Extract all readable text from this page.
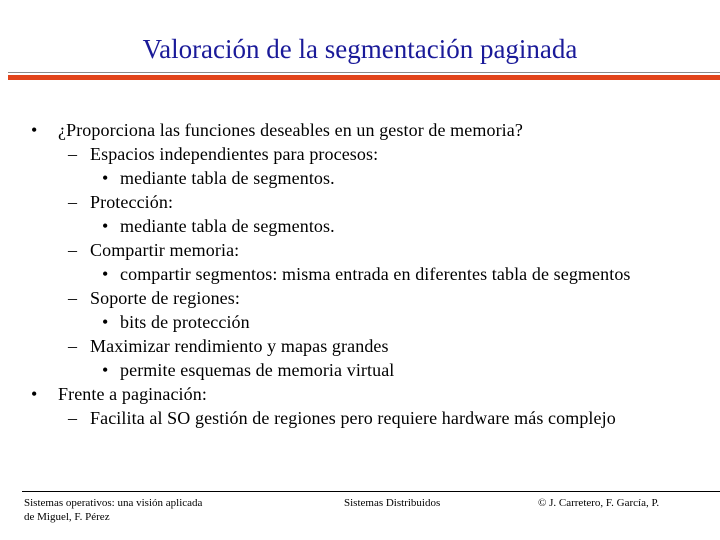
Valoración de la segmentación paginada
• ¿Proporciona las funciones deseables en un gestor de memoria?
– Espacios independientes para procesos:
• mediante tabla de segmentos.
– Protección:
• mediante tabla de segmentos.
– Compartir memoria:
• compartir segmentos: misma entrada en diferentes tabla de segmentos
– Soporte de regiones:
• bits de protección
– Maximizar rendimiento y mapas grandes
• permite esquemas de memoria virtual
• Frente a paginación:
– Facilita al SO gestión de regiones pero requiere hardware más complejo
Sistemas operativos: una visión aplicada
de Miguel, F. Pérez
Sistemas Distribuidos	© J. Carretero, F. García, P.
